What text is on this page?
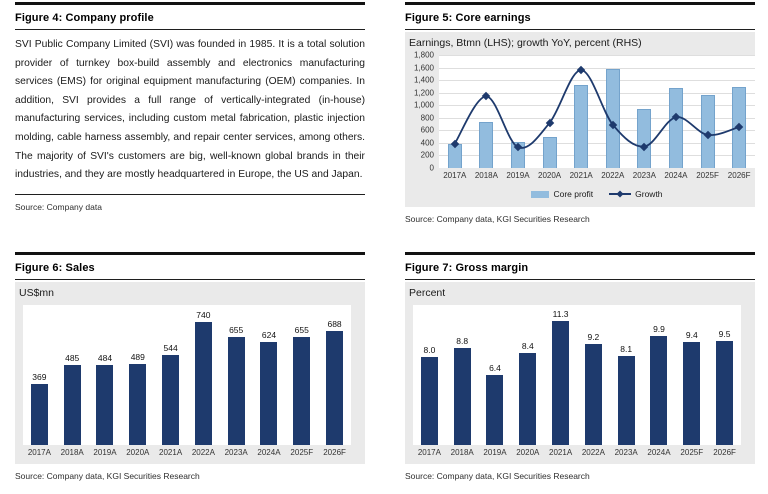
Figure 4: Company profile
SVI Public Company Limited (SVI) was founded in 1985. It is a total solution provider of turnkey box-build assembly and electronics manufacturing services (EMS) for original equipment manufacturing (OEM) companies. In addition, SVI provides a full range of vertically-integrated (in-house) manufacturing services, including custom metal fabrication, plastic injection molding, cable harness assembly, and repair center services, among others. The majority of SVI's customers are big, well-known global brands in their industries, and they are mostly headquartered in Europe, the US and Japan.
Source: Company data
Figure 5: Core earnings
Earnings, Btmn (LHS); growth YoY, percent (RHS)
1,800
1,600
1,400
1,200
1,000
800
600
400
200
0
2017A	2018A	2019A	2020A	2021A	2022A	2023A	2024A	2025F	2026F
Core profit	Growth
Source: Company data, KGI Securities Research
Figure 6: Sales
US$mn
369
485 484 489
544
740
655
624
655
688
2017A	2018A	2019A	2020A	2021A	2022A	2023A	2024A	2025F	2026F
Source: Company data, KGI Securities Research
Figure 7: Gross margin
Percent
8.0
8.8
6.4
8.4
11.3
9.2
8.1
9.9
9.4 9.5
2017A	2018A	2019A	2020A	2021A	2022A	2023A	2024A	2025F	2026F
Source: Company data, KGI Securities Research
